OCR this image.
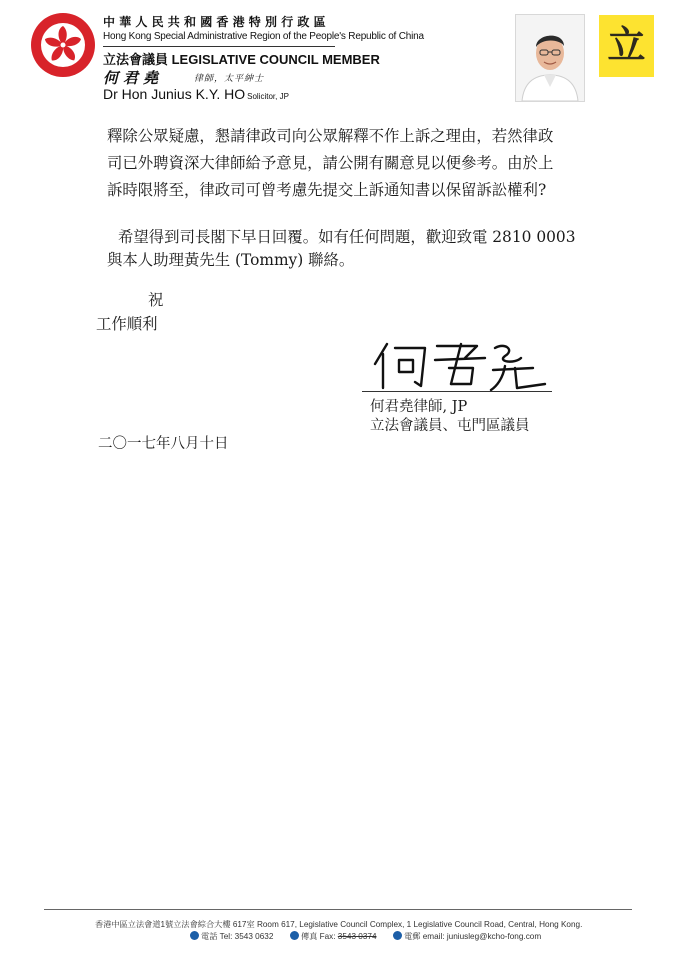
中華人民共和國香港特別行政區
Hong Kong Special Administrative Region of the People's Republic of China
立法會議員 LEGISLATIVE COUNCIL MEMBER
何君堯	律師，太平紳士
Dr Hon Junius K.Y. HO Solicitor, JP
立
釋除公眾疑慮，懇請律政司向公眾解釋不作上訴之理由，若然律政
司已外聘資深大律師給予意見，請公開有關意見以便參考。由於上
訴時限將至，律政司可曾考慮先提交上訴通知書以保留訴訟權利?
希望得到司長閣下早日回覆。如有任何問題，歡迎致電 2810 0003
與本人助理黃先生 (Tommy) 聯絡。
祝
工作順利
何君堯律師, JP
立法會議員、屯門區議員
二〇一七年八月十日
香港中區立法會道1號立法會綜合大樓 617室 Room 617, Legislative Council Complex, 1 Legislative Council Road, Central, Hong Kong.
電話 Tel: 3543 0632	傳真 Fax: 3543 0374	電郵 email: juniusleg@kcho-fong.com
